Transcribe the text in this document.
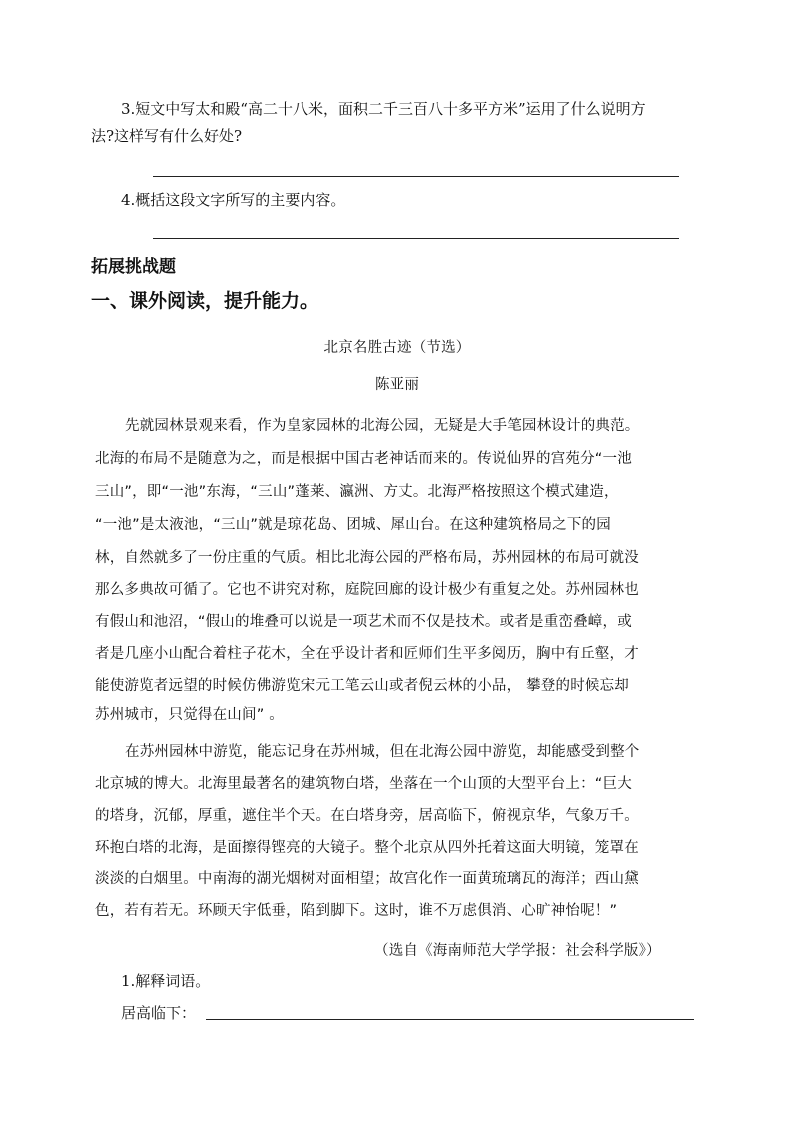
3.短文中写太和殿“高二十八米，面积二千三百八十多平方米”运用了什么说明方
法?这样写有什么好处?
4.概括这段文字所写的主要内容。
拓展挑战题
一、课外阅读，提升能力。
北京名胜古迹（节选）
陈亚丽
先就园林景观来看，作为皇家园林的北海公园，无疑是大手笔园林设计的典范。
北海的布局不是随意为之，而是根据中国古老神话而来的。传说仙界的宫苑分“一池
三山”，即“一池”东海，“三山”蓬莱、瀛洲、方丈。北海严格按照这个模式建造，
“一池”是太液池，“三山”就是琼花岛、团城、犀山台。在这种建筑格局之下的园
林，自然就多了一份庄重的气质。相比北海公园的严格布局，苏州园林的布局可就没
那么多典故可循了。它也不讲究对称，庭院回廊的设计极少有重复之处。苏州园林也
有假山和池沼，“假山的堆叠可以说是一项艺术而不仅是技术。或者是重峦叠嶂，或
者是几座小山配合着柱子花木，全在乎设计者和匠师们生平多阅历，胸中有丘壑，才
能使游览者远望的时候仿佛游览宋元工笔云山或者倪云林的小品， 攀登的时候忘却
苏州城市，只觉得在山间” 。
在苏州园林中游览，能忘记身在苏州城，但在北海公园中游览，却能感受到整个
北京城的博大。北海里最著名的建筑物白塔，坐落在一个山顶的大型平台上：“巨大
的塔身，沉郁，厚重，遮住半个天。在白塔身旁，居高临下，俯视京华，气象万千。
环抱白塔的北海，是面擦得铿亮的大镜子。整个北京从四外托着这面大明镜，笼罩在
淡淡的白烟里。中南海的湖光烟树对面相望；故宫化作一面黄琉璃瓦的海洋；西山黛
色，若有若无。环顾天宇低垂，陷到脚下。这时，谁不万虑俱消、心旷神怡呢！”
（选自《海南师范大学学报：社会科学版》）
1.解释词语。
居高临下：
